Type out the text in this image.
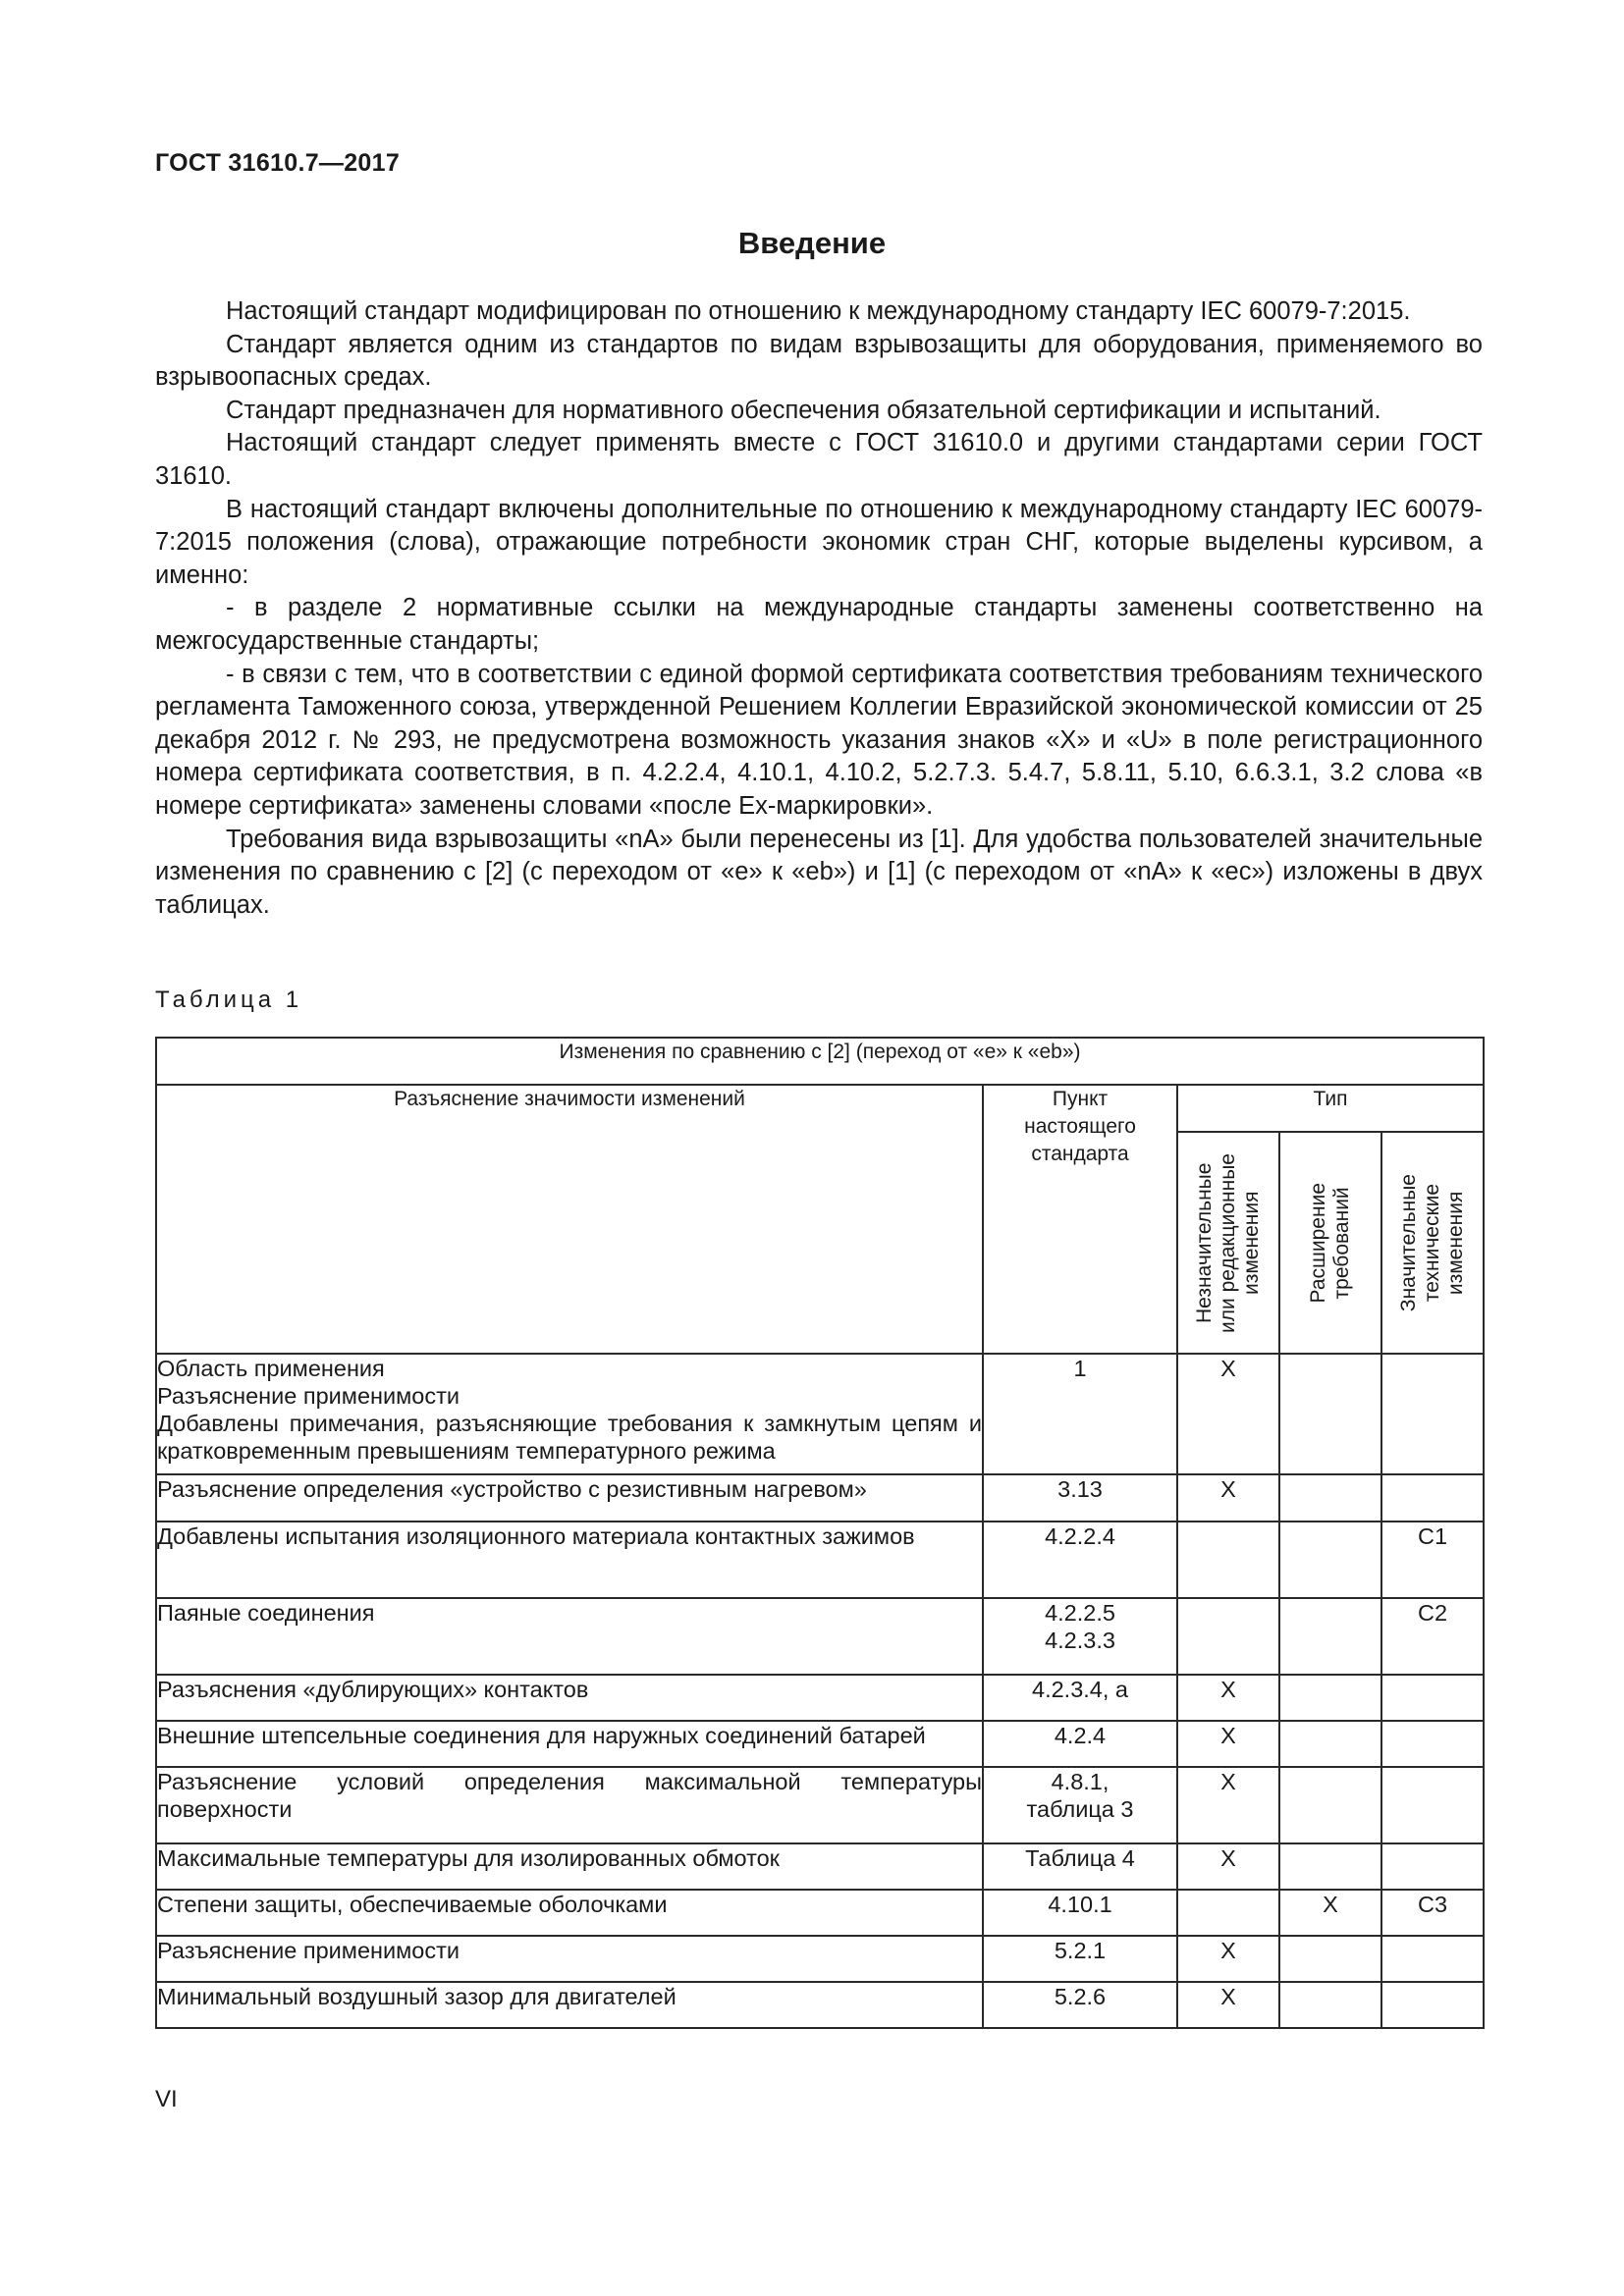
ГОСТ 31610.7—2017
Введение

Настоящий стандарт модифицирован по отношению к международному стандарту IEC 60079-7:2015.

Стандарт является одним из стандартов по видам взрывозащиты для оборудования, применяемого во взрывоопасных средах.

Стандарт предназначен для нормативного обеспечения обязательной сертификации и испытаний.

Настоящий стандарт следует применять вместе с ГОСТ 31610.0 и другими стандартами серии ГОСТ 31610.

В настоящий стандарт включены дополнительные по отношению к международному стандарту IEC 60079-7:2015 положения (слова), отражающие потребности экономик стран СНГ, которые выделены курсивом, а именно:

- в разделе 2 нормативные ссылки на международные стандарты заменены соответственно на межгосударственные стандарты;

- в связи с тем, что в соответствии с единой формой сертификата соответствия требованиям технического регламента Таможенного союза, утвержденной Решением Коллегии Евразийской экономической комиссии от 25 декабря 2012 г. № 293, не предусмотрена возможность указания знаков «X» и «U» в поле регистрационного номера сертификата соответствия, в п. 4.2.2.4, 4.10.1, 4.10.2, 5.2.7.3. 5.4.7, 5.8.11, 5.10, 6.6.3.1, 3.2 слова «в номере сертификата» заменены словами «после Ex-маркировки».

Требования вида взрывозащиты «nA» были перенесены из [1]. Для удобства пользователей значительные изменения по сравнению с [2] (с переходом от «е» к «eb») и [1] (с переходом от «nA» к «ec») изложены в двух таблицах.

Таблица 1
Изменения по сравнению с [2] (переход от «е» к «eb»)				
Разъяснение значимости изменений	Пункт
настоящего
стандарта	Тип		

		Незначительные или редакционные изменения	Расширение требований	Значительные технические изменения

Область применения
Разъяснение применимости
Добавлены примечания, разъясняющие требования к замкнутым цепям и кратковременным превышениям температурного режима	1	X		

Разъяснение определения «устройство с резистивным нагревом»	3.13	X		

Добавлены испытания изоляционного материала контактных зажимов	4.2.2.4			C1

Паяные соединения	4.2.2.5
4.2.3.3			C2

Разъяснения «дублирующих» контактов	4.2.3.4, а	X		

Внешние штепсельные соединения для наружных соединений батарей	4.2.4	X		

Разъяснение условий определения максимальной температуры поверхности	4.8.1,
таблица 3	X		

Максимальные температуры для изолированных обмоток	Таблица 4	X		

Степени защиты, обеспечиваемые оболочками	4.10.1		X	C3

Разъяснение применимости	5.2.1	X		

Минимальный воздушный зазор для двигателей	5.2.6	X		
VI
